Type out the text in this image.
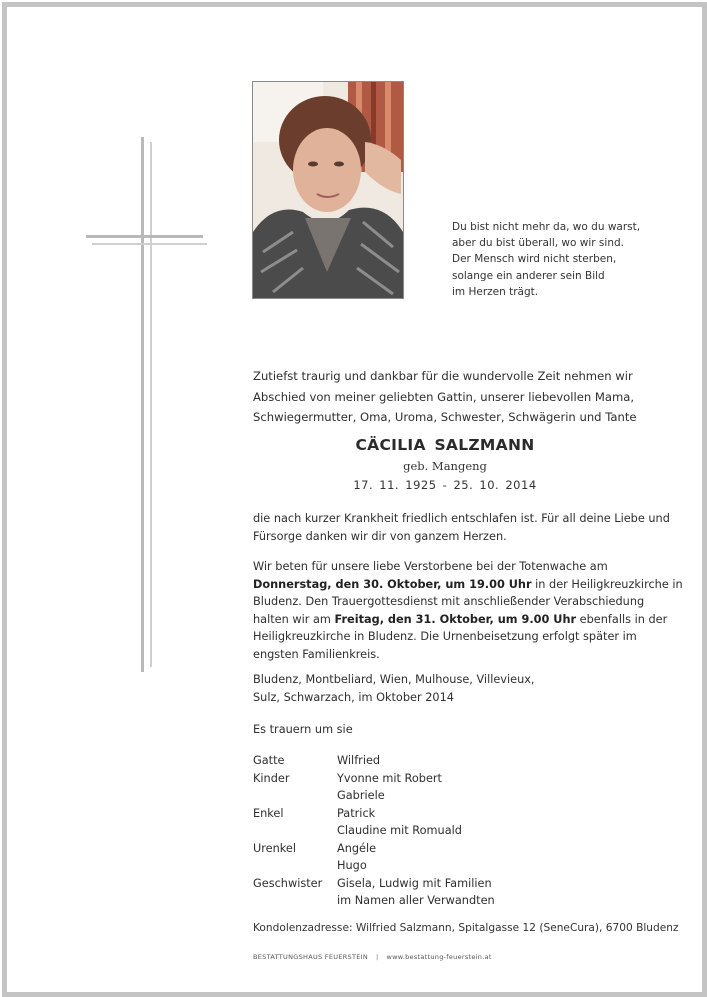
Du bist nicht mehr da, wo du warst,
aber du bist überall, wo wir sind.
Der Mensch wird nicht sterben,
solange ein anderer sein Bild
im Herzen trägt.
Zutiefst traurig und dankbar für die wundervolle Zeit nehmen wir
Abschied von meiner geliebten Gattin, unserer liebevollen Mama,
Schwiegermutter, Oma, Uroma, Schwester, Schwägerin und Tante
CÄCILIA SALZMANN
geb. Mangeng
17. 11. 1925 - 25. 10. 2014
die nach kurzer Krankheit friedlich entschlafen ist. Für all deine Liebe und
Fürsorge danken wir dir von ganzem Herzen.
Wir beten für unsere liebe Verstorbene bei der Totenwache am
Donnerstag, den 30. Oktober, um 19.00 Uhr in der Heiligkreuzkirche in
Bludenz. Den Trauergottesdienst mit anschließender Verabschiedung
halten wir am Freitag, den 31. Oktober, um 9.00 Uhr ebenfalls in der
Heiligkreuzkirche in Bludenz. Die Urnenbeisetzung erfolgt später im
engsten Familienkreis.
Bludenz, Montbeliard, Wien, Mulhouse, Villevieux,
Sulz, Schwarzach, im Oktober 2014
Es trauern um sie
Gatte	Wilfried
Kinder	Yvonne mit Robert
Gabriele
Enkel	Patrick
Claudine mit Romuald
Urenkel	Angéle
Hugo
Geschwister Gisela, Ludwig mit Familien
im Namen aller Verwandten
Kondolenzadresse: Wilfried Salzmann, Spitalgasse 12 (SeneCura), 6700 Bludenz
BESTATTUNGSHAUS FEUERSTEIN | www.bestattung-feuerstein.at
